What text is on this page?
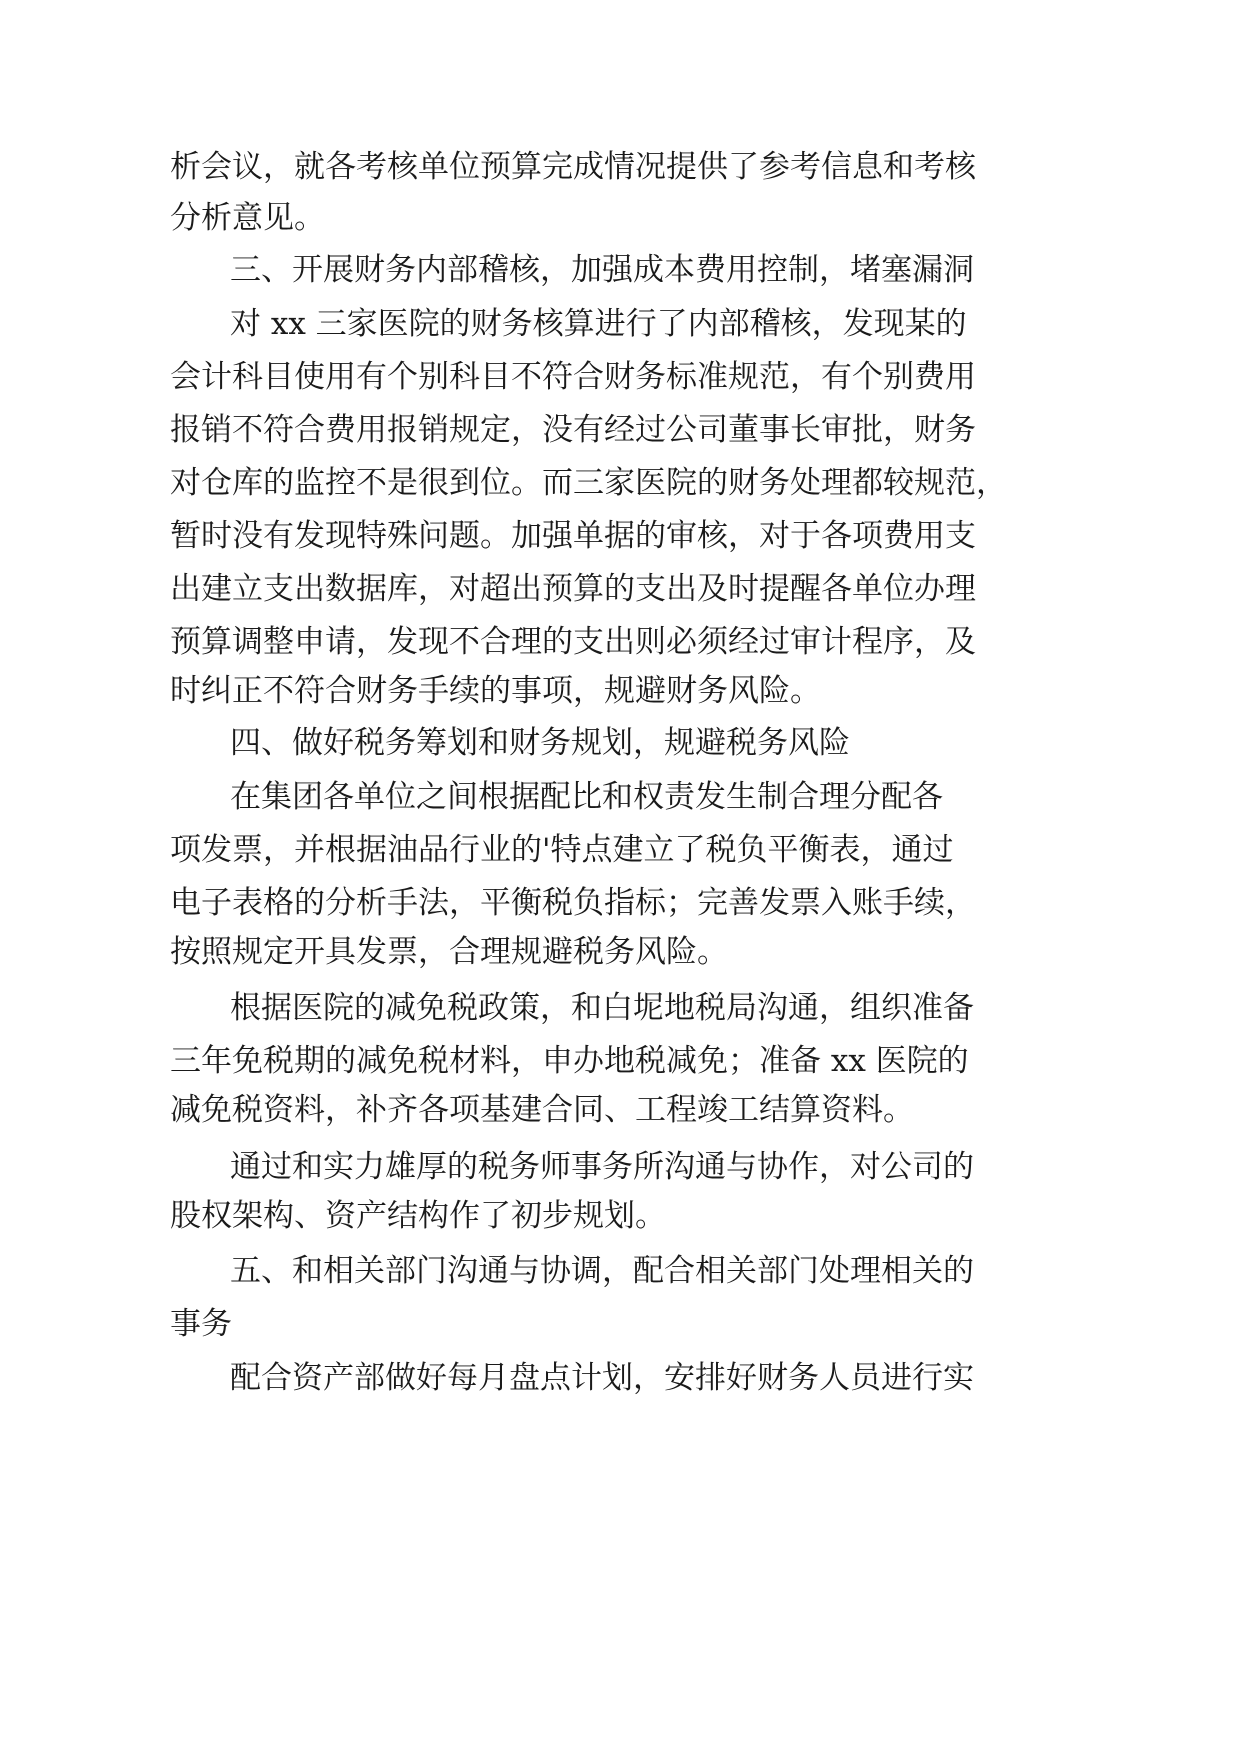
析会议，就各考核单位预算完成情况提供了参考信息和考核
分析意见。
三、开展财务内部稽核，加强成本费用控制，堵塞漏洞
对 xx 三家医院的财务核算进行了内部稽核，发现某的
会计科目使用有个别科目不符合财务标准规范，有个别费用
报销不符合费用报销规定，没有经过公司董事长审批，财务
对仓库的监控不是很到位。而三家医院的财务处理都较规范，
暂时没有发现特殊问题。加强单据的审核，对于各项费用支
出建立支出数据库，对超出预算的支出及时提醒各单位办理
预算调整申请，发现不合理的支出则必须经过审计程序，及
时纠正不符合财务手续的事项，规避财务风险。
四、做好税务筹划和财务规划，规避税务风险
在集团各单位之间根据配比和权责发生制合理分配各
项发票，并根据油品行业的'特点建立了税负平衡表，通过
电子表格的分析手法，平衡税负指标；完善发票入账手续，
按照规定开具发票，合理规避税务风险。
根据医院的减免税政策，和白坭地税局沟通，组织准备
三年免税期的减免税材料，申办地税减免；准备 xx 医院的
减免税资料，补齐各项基建合同、工程竣工结算资料。
通过和实力雄厚的税务师事务所沟通与协作，对公司的
股权架构、资产结构作了初步规划。
五、和相关部门沟通与协调，配合相关部门处理相关的
事务
配合资产部做好每月盘点计划，安排好财务人员进行实
